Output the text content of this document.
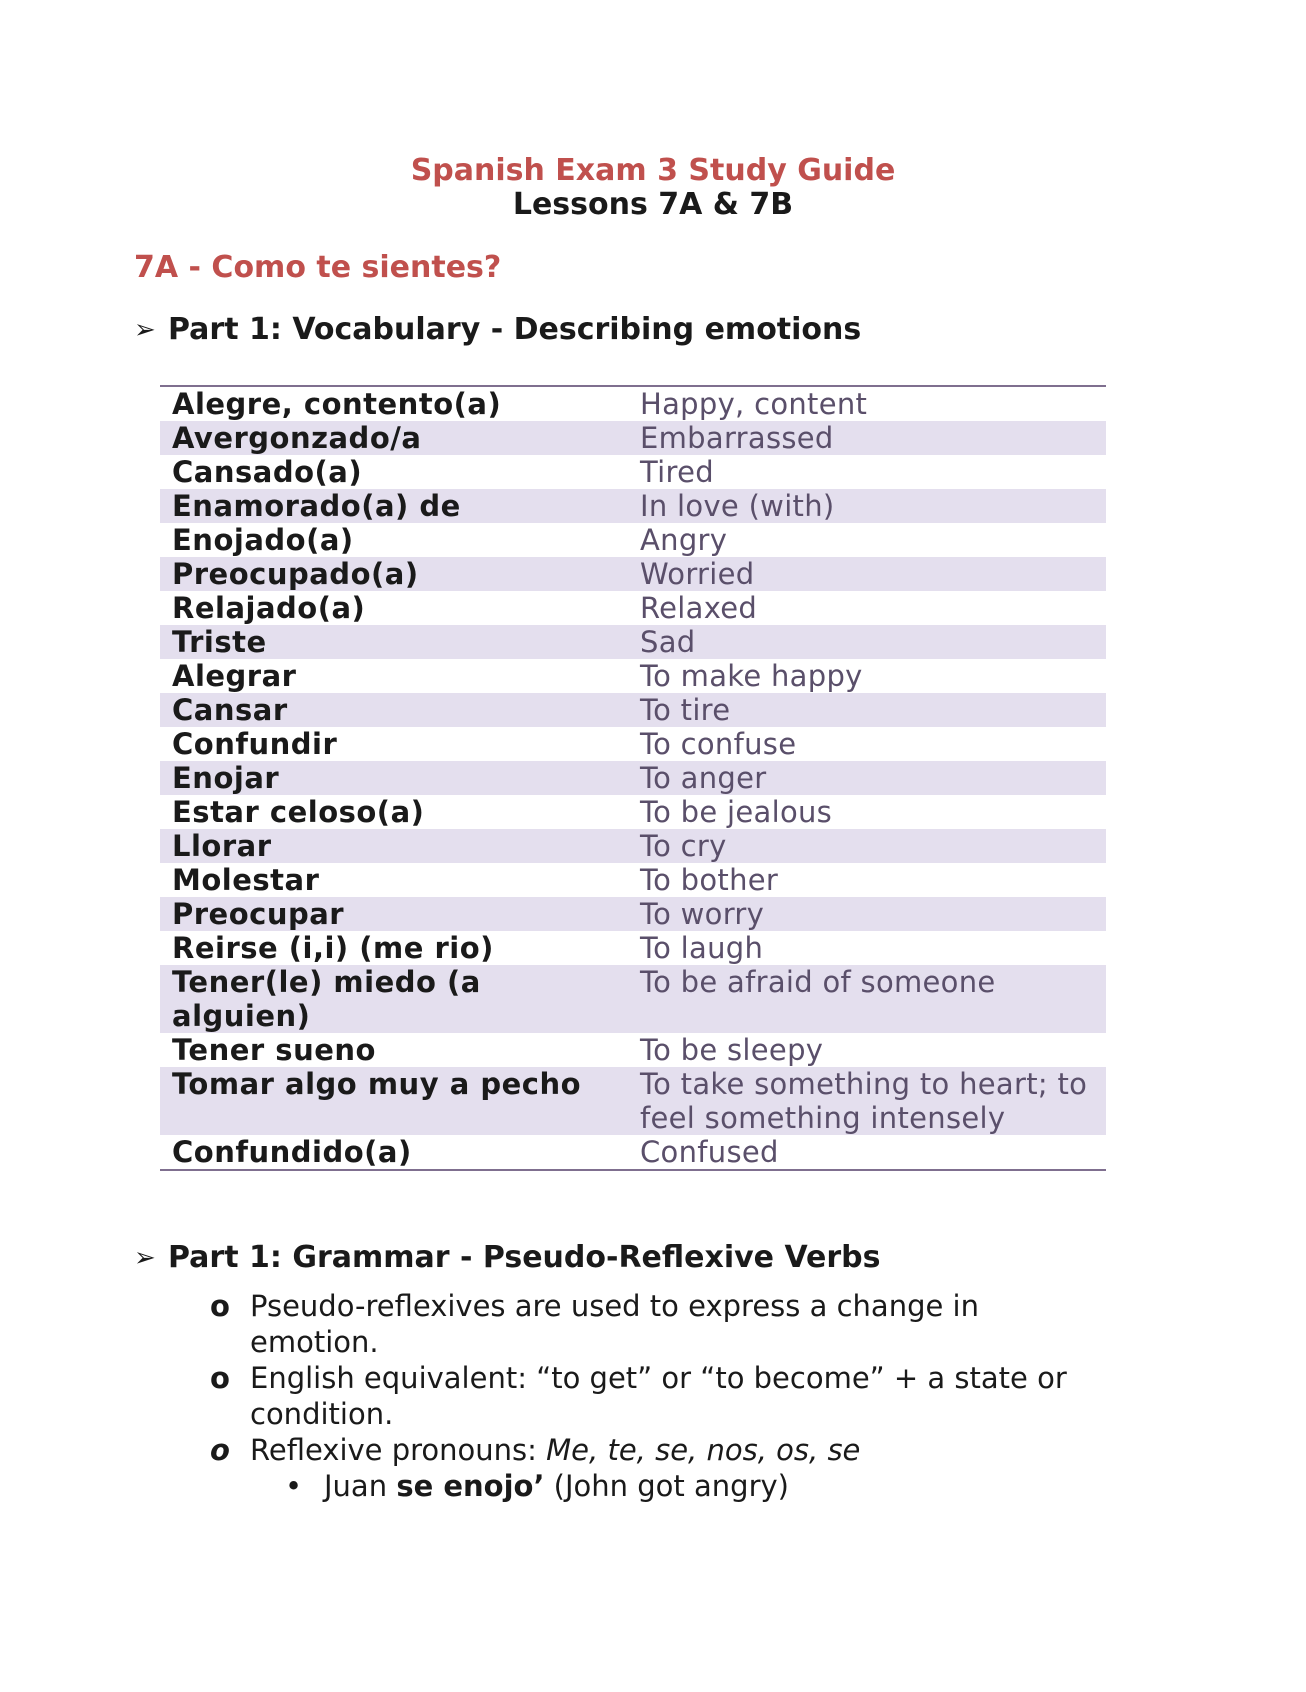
Spanish Exam 3 Study Guide
Lessons 7A & 7B
7A - Como te sientes?
➢ Part 1: Vocabulary - Describing emotions
Alegre, contento(a)	Happy, content
Avergonzado/a	Embarrassed
Cansado(a)	Tired
Enamorado(a) de	In love (with)
Enojado(a)	Angry
Preocupado(a)	Worried
Relajado(a)	Relaxed
Triste	Sad
Alegrar	To make happy
Cansar	To tire
Confundir	To confuse
Enojar	To anger
Estar celoso(a)	To be jealous
Llorar	To cry
Molestar	To bother
Preocupar	To worry
Reirse (i,i) (me rio)	To laugh
Tener(le) miedo (a alguien)	To be afraid of someone
Tener sueno	To be sleepy
Tomar algo muy a pecho	To take something to heart; to feel something intensely
Confundido(a)	Confused
➢ Part 1: Grammar - Pseudo-Reflexive Verbs
o Pseudo-reflexives are used to express a change in emotion.
o English equivalent: “to get” or “to become” + a state or condition.
o Reflexive pronouns: Me, te, se, nos, os, se
• Juan se enojo’ (John got angry)
